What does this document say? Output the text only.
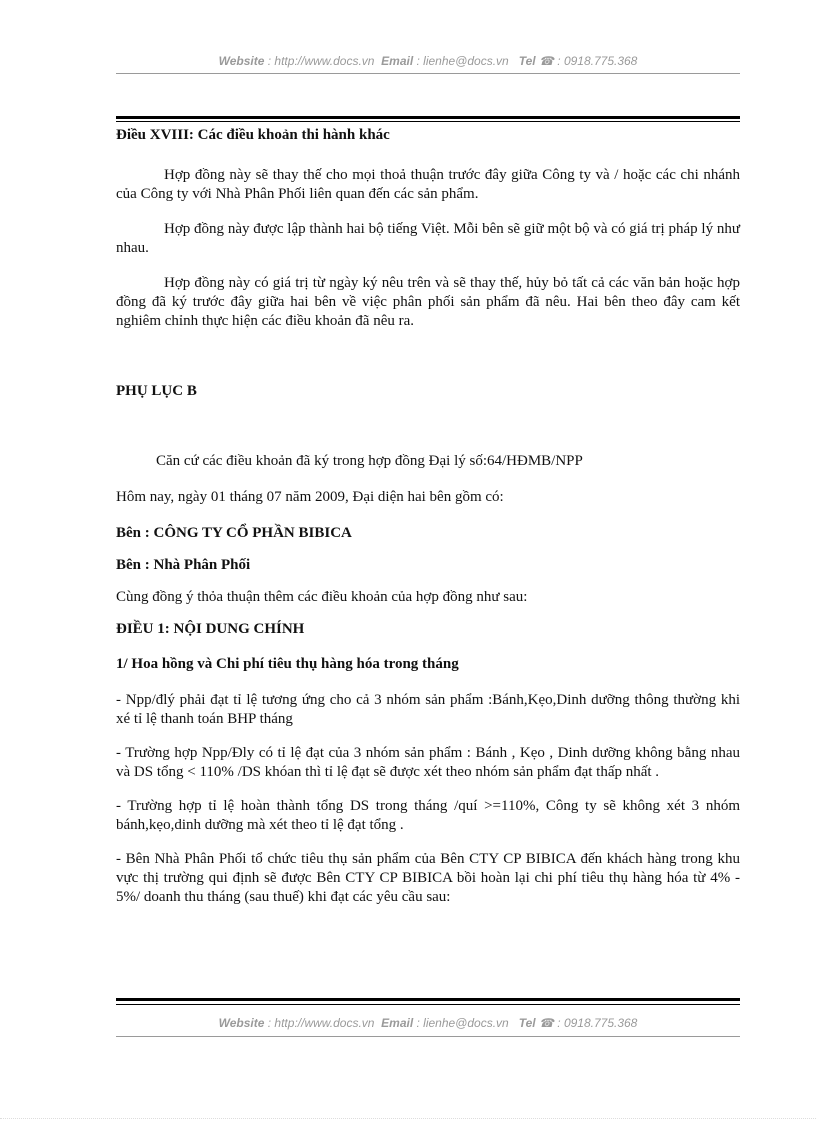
Website : http://www.docs.vn Email : lienhe@docs.vn Tel ☎ : 0918.775.368

Điều XVIII: Các điều khoản thi hành khác

Hợp đồng này sẽ thay thế cho mọi thoả thuận trước đây giữa Công ty và / hoặc các chi nhánh của Công ty với Nhà Phân Phối liên quan đến các sản phẩm.

Hợp đồng này được lập thành hai bộ tiếng Việt. Mỗi bên sẽ giữ một bộ và có giá trị pháp lý như nhau.

Hợp đồng này có giá trị từ ngày ký nêu trên và sẽ thay thế, hủy bỏ tất cả các văn bản hoặc hợp đồng đã ký trước đây giữa hai bên về việc phân phối sản phẩm đã nêu. Hai bên theo đây cam kết nghiêm chỉnh thực hiện các điều khoản đã nêu ra.

PHỤ LỤC B

Căn cứ các điều khoản đã ký trong hợp đồng Đại lý số:64/HĐMB/NPP

Hôm nay, ngày 01 tháng 07 năm 2009, Đại diện hai bên gồm có:

Bên : CÔNG TY CỔ PHẦN BIBICA

Bên : Nhà Phân Phối

Cùng đồng ý thỏa thuận thêm các điều khoản của hợp đồng như sau:

ĐIỀU 1: NỘI DUNG CHÍNH

1/ Hoa hồng và Chi phí tiêu thụ hàng hóa trong tháng

- Npp/đlý phải đạt tỉ lệ tương ứng cho cả 3 nhóm sản phẩm :Bánh,Kẹo,Dinh dưỡng thông thường khi xé tỉ lệ thanh toán BHP tháng

- Trường hợp Npp/Đly có tỉ lệ đạt của 3 nhóm sản phẩm : Bánh , Kẹo , Dinh dưỡng không bằng nhau và DS tổng < 110% /DS khóan thì tỉ lệ đạt sẽ được xét theo nhóm sản phẩm đạt thấp nhất .

- Trường hợp tỉ lệ hoàn thành tổng DS trong tháng /quí >=110%, Công ty sẽ không xét 3 nhóm bánh,kẹo,dinh dưỡng mà xét theo tỉ lệ đạt tổng .

- Bên Nhà Phân Phối tổ chức tiêu thụ sản phẩm của Bên CTY CP BIBICA đến khách hàng trong khu vực thị trường qui định sẽ được Bên CTY CP BIBICA bồi hoàn lại chi phí tiêu thụ hàng hóa từ 4% - 5%/ doanh thu tháng (sau thuế) khi đạt các yêu cầu sau:

Website : http://www.docs.vn Email : lienhe@docs.vn Tel ☎ : 0918.775.368
